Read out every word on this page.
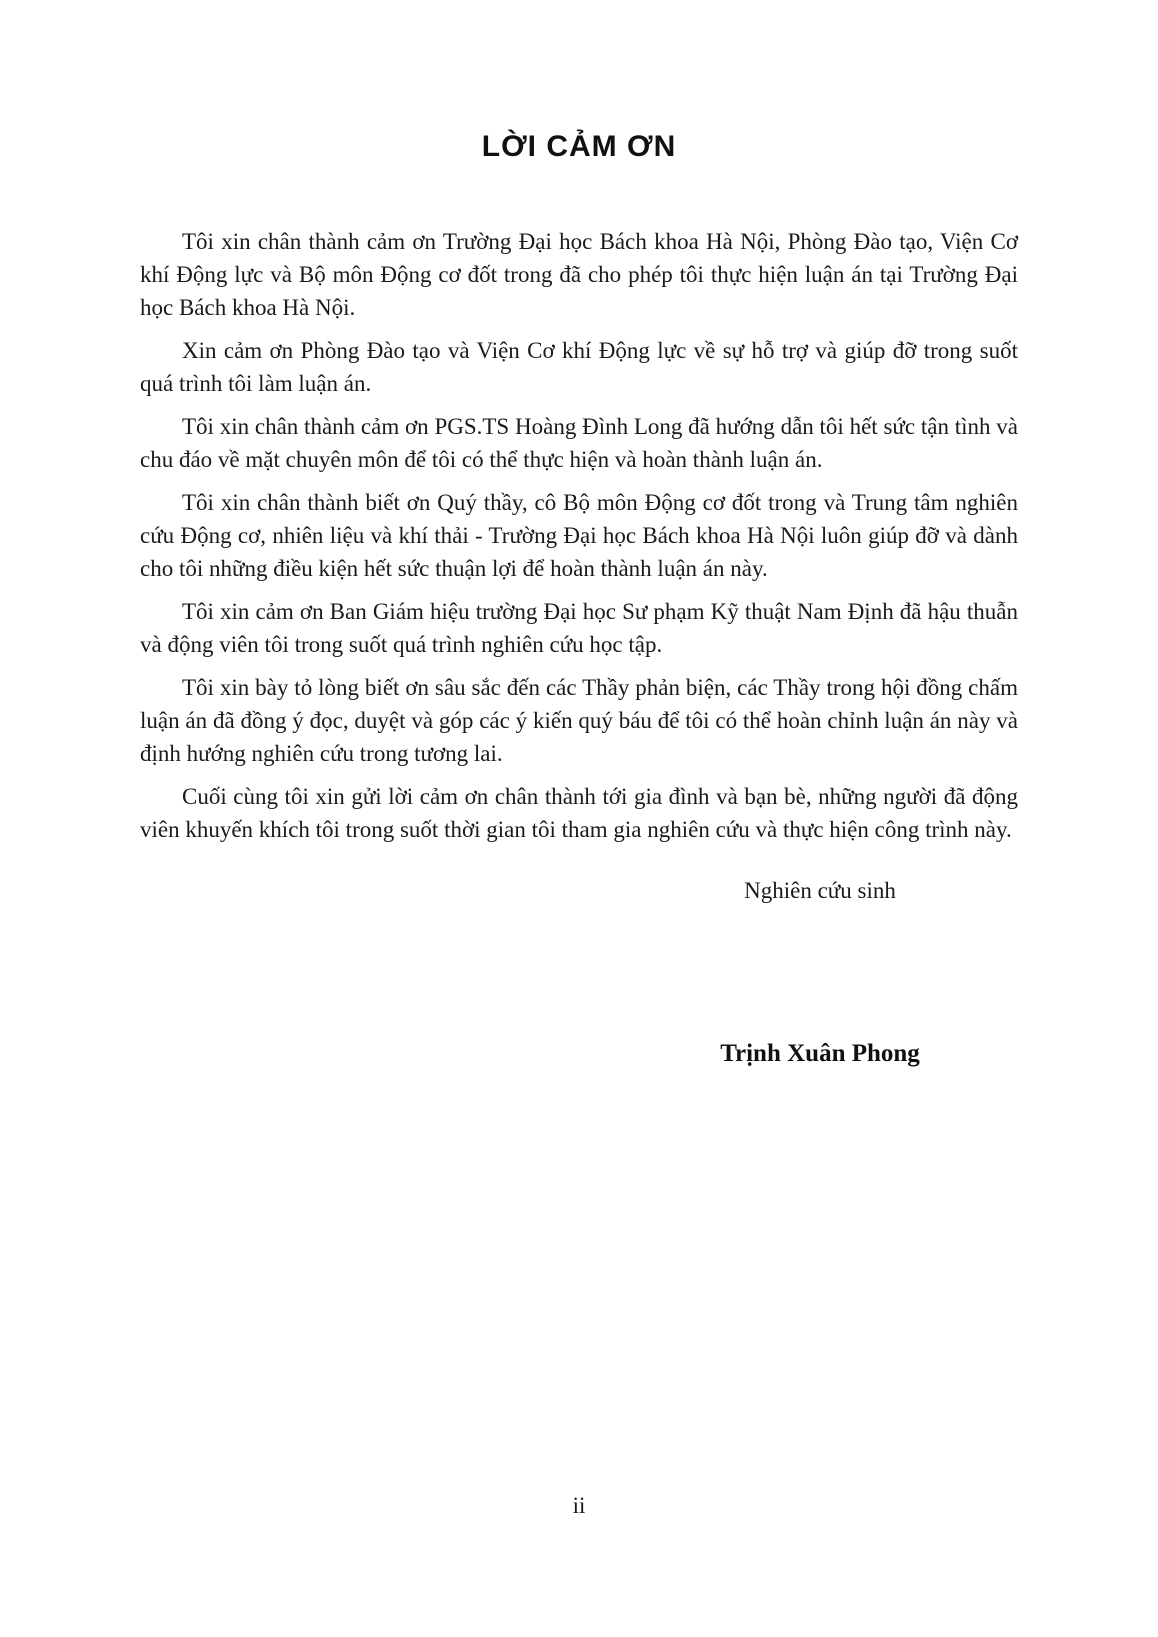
LỜI CẢM ƠN

Tôi xin chân thành cảm ơn Trường Đại học Bách khoa Hà Nội, Phòng Đào tạo, Viện Cơ khí Động lực và Bộ môn Động cơ đốt trong đã cho phép tôi thực hiện luận án tại Trường Đại học Bách khoa Hà Nội.

Xin cảm ơn Phòng Đào tạo và Viện Cơ khí Động lực về sự hỗ trợ và giúp đỡ trong suốt quá trình tôi làm luận án.

Tôi xin chân thành cảm ơn PGS.TS Hoàng Đình Long đã hướng dẫn tôi hết sức tận tình và chu đáo về mặt chuyên môn để tôi có thể thực hiện và hoàn thành luận án.

Tôi xin chân thành biết ơn Quý thầy, cô Bộ môn Động cơ đốt trong và Trung tâm nghiên cứu Động cơ, nhiên liệu và khí thải - Trường Đại học Bách khoa Hà Nội luôn giúp đỡ và dành cho tôi những điều kiện hết sức thuận lợi để hoàn thành luận án này.

Tôi xin cảm ơn Ban Giám hiệu trường Đại học Sư phạm Kỹ thuật Nam Định đã hậu thuẫn và động viên tôi trong suốt quá trình nghiên cứu học tập.

Tôi xin bày tỏ lòng biết ơn sâu sắc đến các Thầy phản biện, các Thầy trong hội đồng chấm luận án đã đồng ý đọc, duyệt và góp các ý kiến quý báu để tôi có thể hoàn chỉnh luận án này và định hướng nghiên cứu trong tương lai.

Cuối cùng tôi xin gửi lời cảm ơn chân thành tới gia đình và bạn bè, những người đã động viên khuyến khích tôi trong suốt thời gian tôi tham gia nghiên cứu và thực hiện công trình này.

Nghiên cứu sinh
Trịnh Xuân Phong
ii
